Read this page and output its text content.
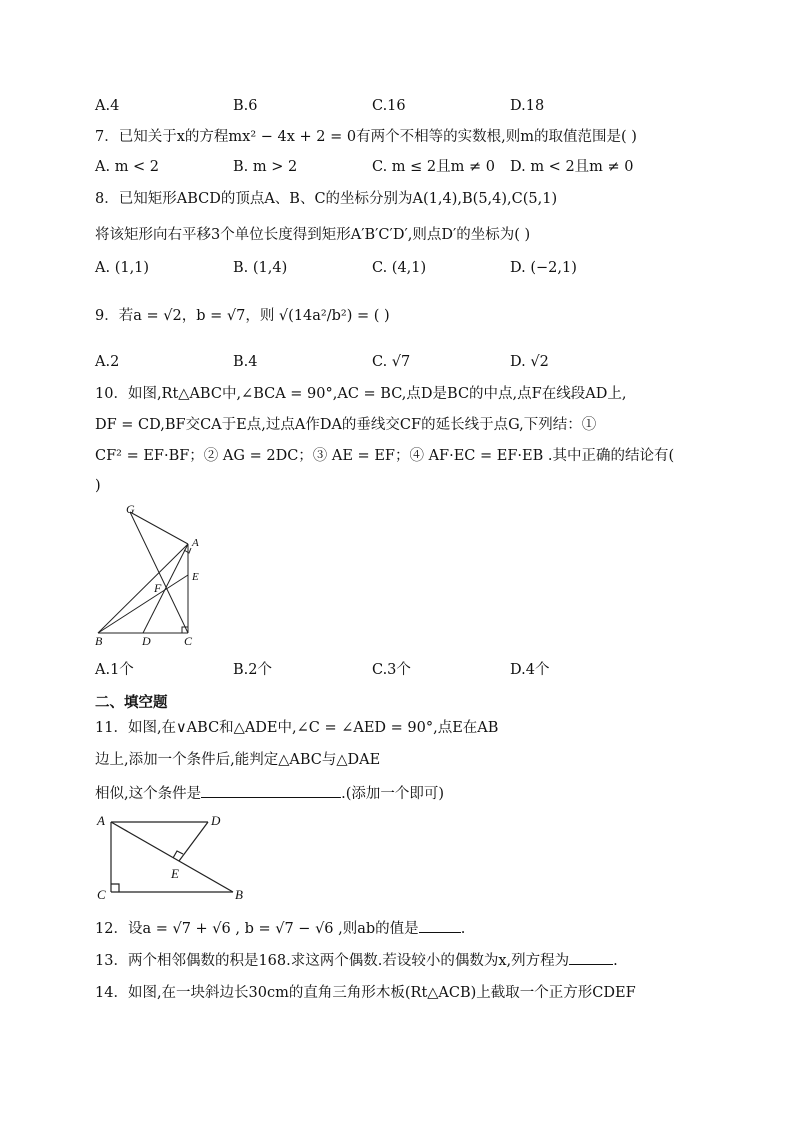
A.4	B.6	C.16	D.18
7．已知关于x的方程mx² − 4x + 2 = 0有两个不相等的实数根,则m的取值范围是( )
A. m < 2	B. m > 2	C. m ≤ 2且m ≠ 0 D. m < 2且m ≠ 0
8．已知矩形ABCD的顶点A、B、C的坐标分别为A(1,4),B(5,4),C(5,1)
将该矩形向右平移3个单位长度得到矩形A′B′C′D′,则点D′的坐标为( )
A. (1,1)	B. (1,4)	C. (4,1)	D. (−2,1)
9．若a = √2，b = √7，则 √(14a²/b²) = ( )
A.2	B.4	C. √7	D. √2
10．如图,Rt△ABC中,∠BCA = 90°,AC = BC,点D是BC的中点,点F在线段AD上,
DF = CD,BF交CA于E点,过点A作DA的垂线交CF的延长线于点G,下列结：①
CF² = EF·BF；② AG = 2DC；③ AE = EF；④ AF·EC = EF·EB .其中正确的结论有(
)
G
A
E
F
B	D	C
A.1个	B.2个	C.3个	D.4个
二、填空题
11．如图,在∨ABC和△ADE中,∠C = ∠AED = 90°,点E在AB
边上,添加一个条件后,能判定△ABC与△DAE
相似,这个条件是	.(添加一个即可)
A	D
E
C	B
12．设a = √7 + √6 , b = √7 − √6 ,则ab的值是	.
13．两个相邻偶数的积是168.求这两个偶数.若设较小的偶数为x,列方程为	.
14．如图,在一块斜边长30cm的直角三角形木板(Rt△ACB)上截取一个正方形CDEF
